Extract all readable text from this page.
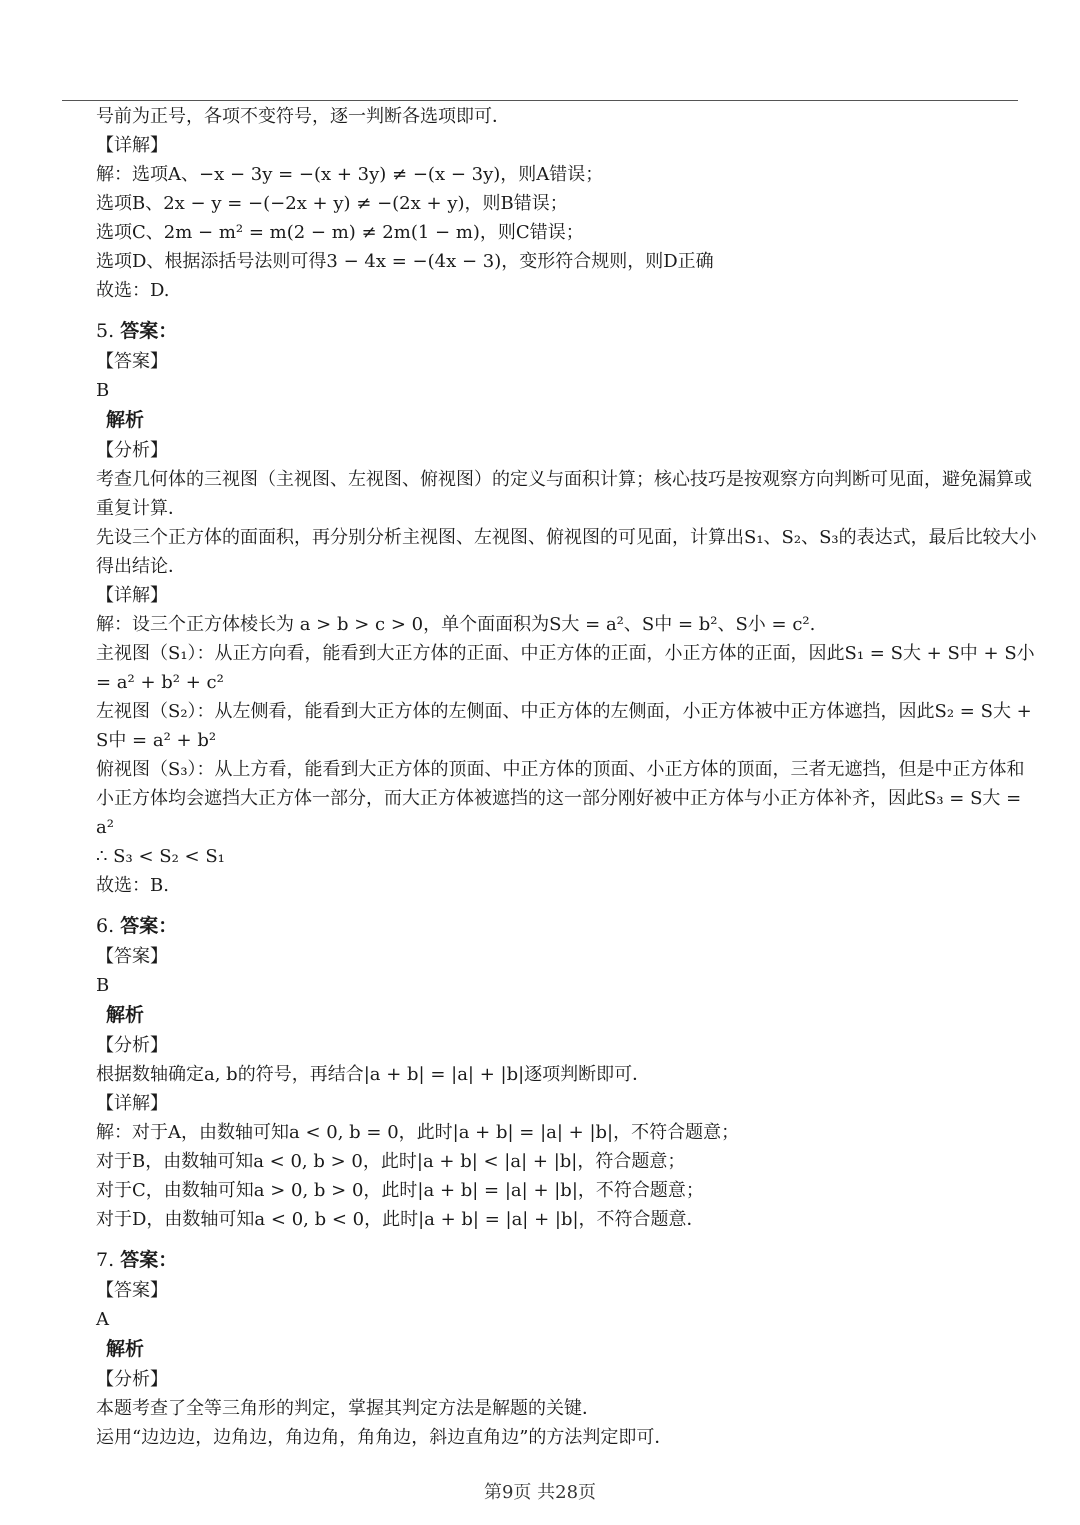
号前为正号，各项不变符号，逐一判断各选项即可．
【详解】
解：选项A、−x − 3y = −(x + 3y) ≠ −(x − 3y)，则A错误；
选项B、2x − y = −(−2x + y) ≠ −(2x + y)，则B错误；
选项C、2m − m² = m(2 − m) ≠ 2m(1 − m)，则C错误；
选项D、根据添括号法则可得3 − 4x = −(4x − 3)，变形符合规则，则D正确
故选：D.
5. 答案：
【答案】
B
解析
【分析】
考查几何体的三视图（主视图、左视图、俯视图）的定义与面积计算；核心技巧是按观察方向判断可见面，避免漏算或重复计算．
先设三个正方体的面面积，再分别分析主视图、左视图、俯视图的可见面，计算出S₁、S₂、S₃的表达式，最后比较大小得出结论．
【详解】
解：设三个正方体棱长为 a > b > c > 0，单个面面积为S大 = a²、S中 = b²、S小 = c².
主视图（S₁）：从正方向看，能看到大正方体的正面、中正方体的正面，小正方体的正面，因此S₁ = S大 + S中 + S小 = a² + b² + c²
左视图（S₂）：从左侧看，能看到大正方体的左侧面、中正方体的左侧面，小正方体被中正方体遮挡，因此S₂ = S大 + S中 = a² + b²
俯视图（S₃）：从上方看，能看到大正方体的顶面、中正方体的顶面、小正方体的顶面，三者无遮挡，但是中正方体和小正方体均会遮挡大正方体一部分，而大正方体被遮挡的这一部分刚好被中正方体与小正方体补齐，因此S₃ = S大 = a²
∴ S₃ < S₂ < S₁
故选：B.
6. 答案：
【答案】
B
解析
【分析】
根据数轴确定a, b的符号，再结合|a + b| = |a| + |b|逐项判断即可．
【详解】
解：对于A，由数轴可知a < 0, b = 0，此时|a + b| = |a| + |b|，不符合题意；
对于B，由数轴可知a < 0, b > 0，此时|a + b| < |a| + |b|，符合题意；
对于C，由数轴可知a > 0, b > 0，此时|a + b| = |a| + |b|，不符合题意；
对于D，由数轴可知a < 0, b < 0，此时|a + b| = |a| + |b|，不符合题意．
7. 答案：
【答案】
A
解析
【分析】
本题考查了全等三角形的判定，掌握其判定方法是解题的关键．
运用“边边边，边角边，角边角，角角边，斜边直角边”的方法判定即可．
第9页 共28页
